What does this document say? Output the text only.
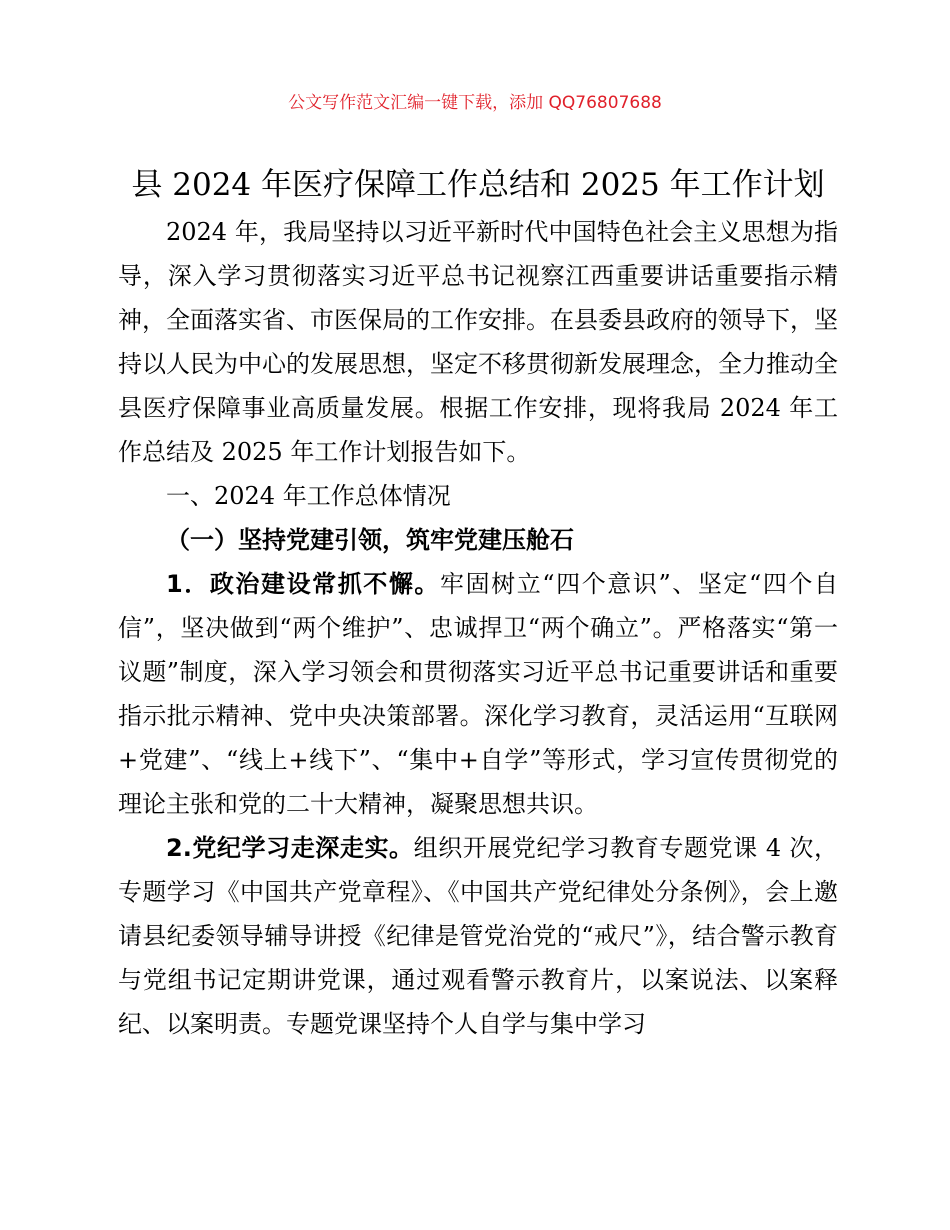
公文写作范文汇编一键下载，添加 QQ76807688
县 2024 年医疗保障工作总结和 2025 年工作计划

2024 年，我局坚持以习近平新时代中国特色社会主义思想为指导，深入学习贯彻落实习近平总书记视察江西重要讲话重要指示精神，全面落实省、市医保局的工作安排。在县委县政府的领导下，坚持以人民为中心的发展思想，坚定不移贯彻新发展理念，全力推动全县医疗保障事业高质量发展。根据工作安排，现将我局 2024 年工作总结及 2025 年工作计划报告如下。

一、2024 年工作总体情况

（一）坚持党建引领，筑牢党建压舱石

1．政治建设常抓不懈。牢固树立“四个意识”、坚定“四个自信”，坚决做到“两个维护”、忠诚捍卫“两个确立”。严格落实“第一议题”制度，深入学习领会和贯彻落实习近平总书记重要讲话和重要指示批示精神、党中央决策部署。深化学习教育，灵活运用“互联网+党建”、“线上+线下”、“集中+自学”等形式，学习宣传贯彻党的理论主张和党的二十大精神，凝聚思想共识。

2.党纪学习走深走实。组织开展党纪学习教育专题党课 4 次，专题学习《中国共产党章程》、《中国共产党纪律处分条例》，会上邀请县纪委领导辅导讲授《纪律是管党治党的“戒尺”》，结合警示教育与党组书记定期讲党课，通过观看警示教育片，以案说法、以案释纪、以案明责。专题党课坚持个人自学与集中学习
